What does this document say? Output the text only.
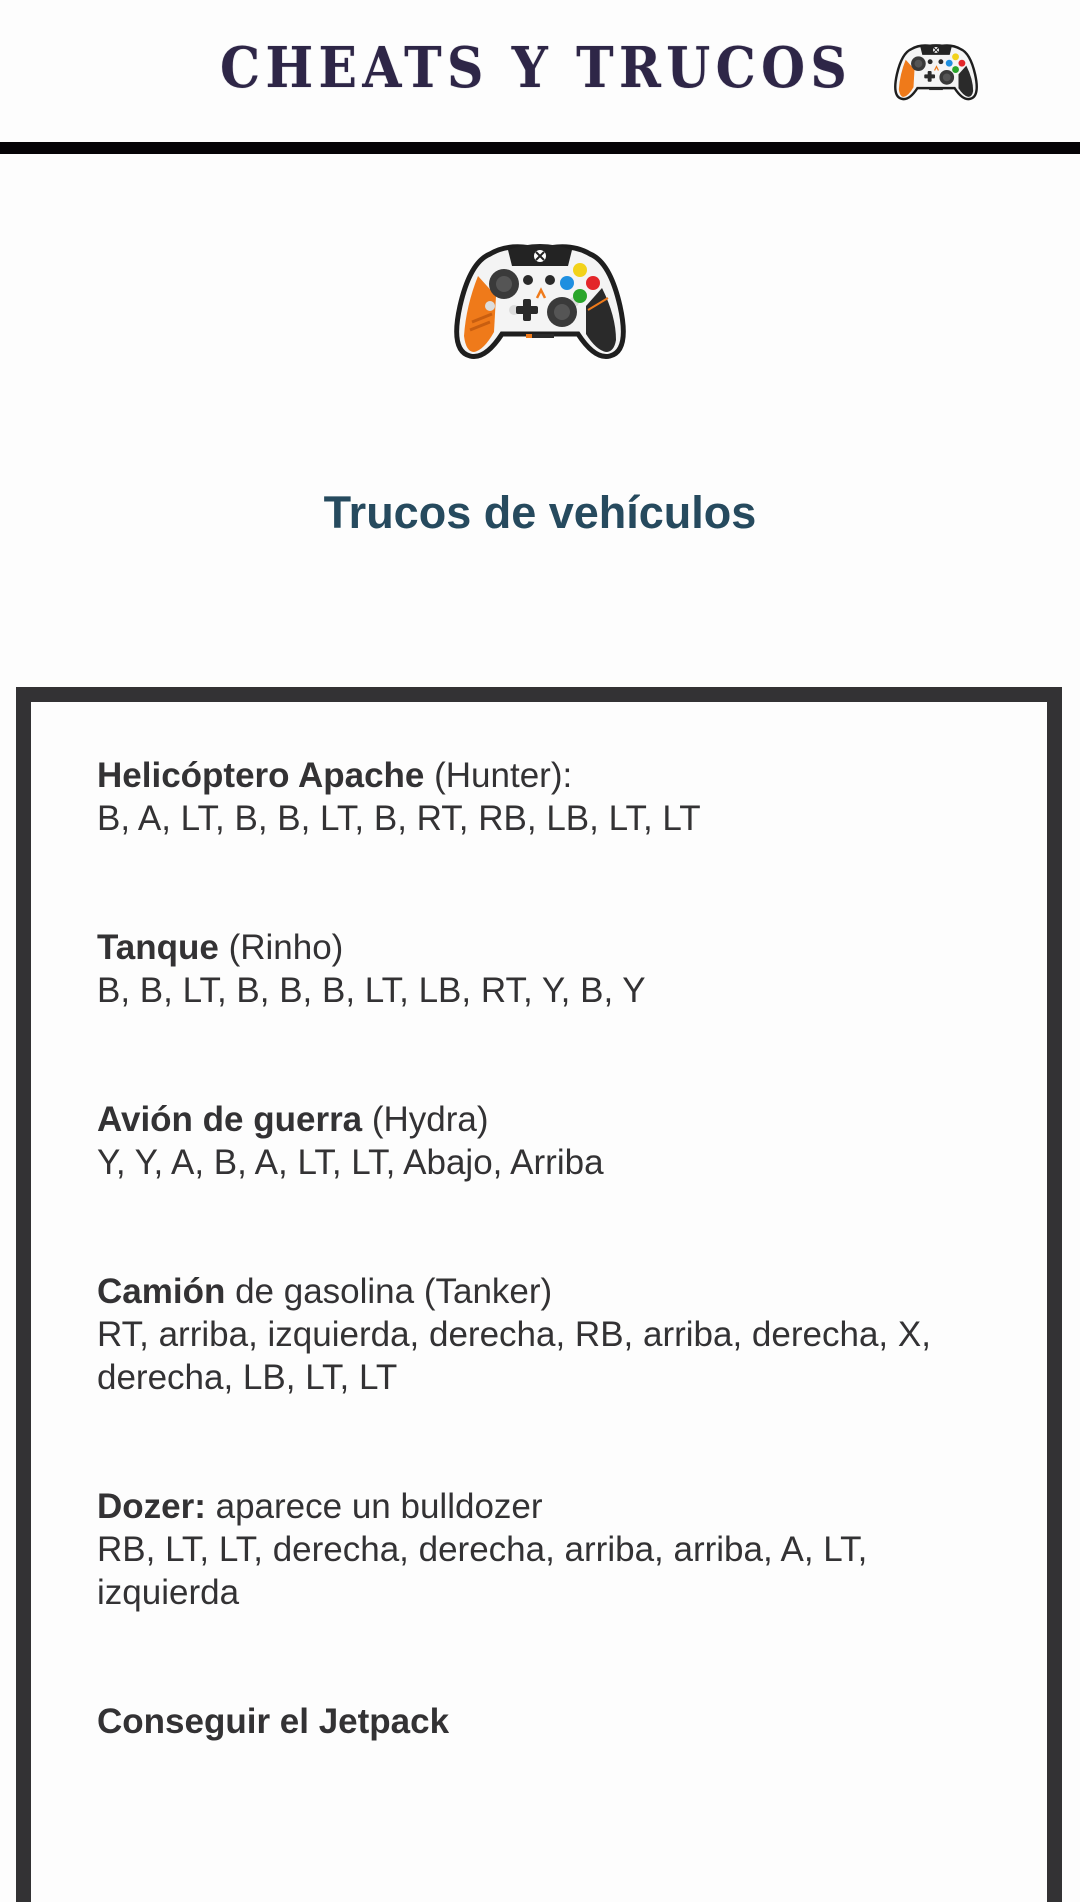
CHEATS Y TRUCOS
Trucos de vehículos
Helicóptero Apache (Hunter):
B, A, LT, B, B, LT, B, RT, RB, LB, LT, LT
Tanque (Rinho)
B, B, LT, B, B, B, LT, LB, RT, Y, B, Y
Avión de guerra (Hydra)
Y, Y, A, B, A, LT, LT, Abajo, Arriba
Camión de gasolina (Tanker)
RT, arriba, izquierda, derecha, RB, arriba, derecha, X, derecha, LB, LT, LT
Dozer: aparece un bulldozer
RB, LT, LT, derecha, derecha, arriba, arriba, A, LT, izquierda
Conseguir el Jetpack
